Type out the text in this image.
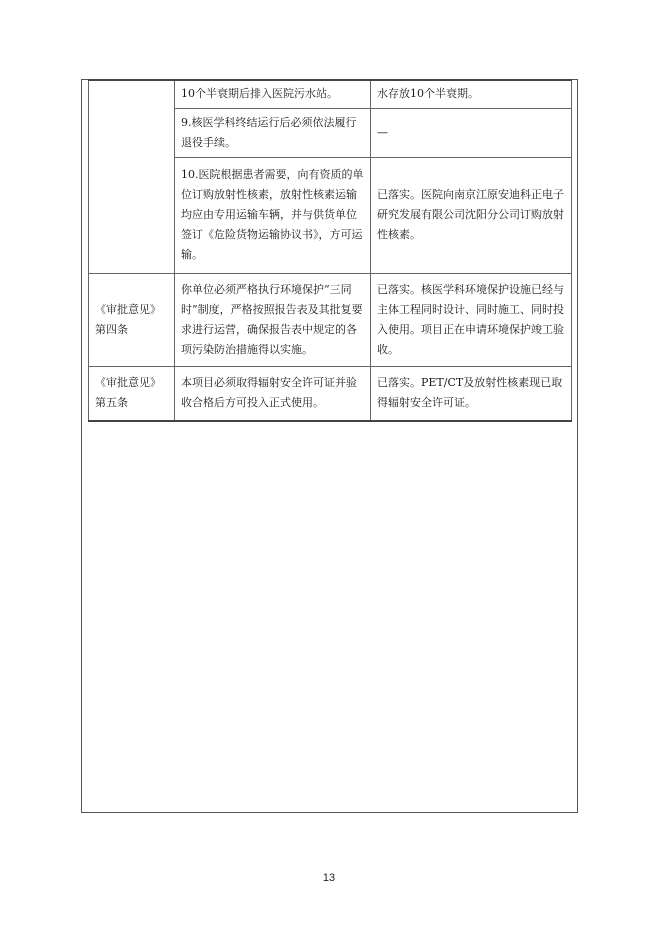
	10个半衰期后排入医院污水站。	水存放10个半衰期。
	9.核医学科终结运行后必须依法履行退役手续。	—
	10.医院根据患者需要，向有资质的单位订购放射性核素，放射性核素运输均应由专用运输车辆，并与供货单位签订《危险货物运输协议书》，方可运输。	已落实。医院向南京江原安迪科正电子研究发展有限公司沈阳分公司订购放射性核素。
《审批意见》第四条	你单位必须严格执行环境保护“三同时”制度，严格按照报告表及其批复要求进行运营，确保报告表中规定的各项污染防治措施得以实施。	已落实。核医学科环境保护设施已经与主体工程同时设计、同时施工、同时投入使用。项目正在申请环境保护竣工验收。
《审批意见》第五条	本项目必须取得辐射安全许可证并验收合格后方可投入正式使用。	已落实。PET/CT及放射性核素现已取得辐射安全许可证。
13
